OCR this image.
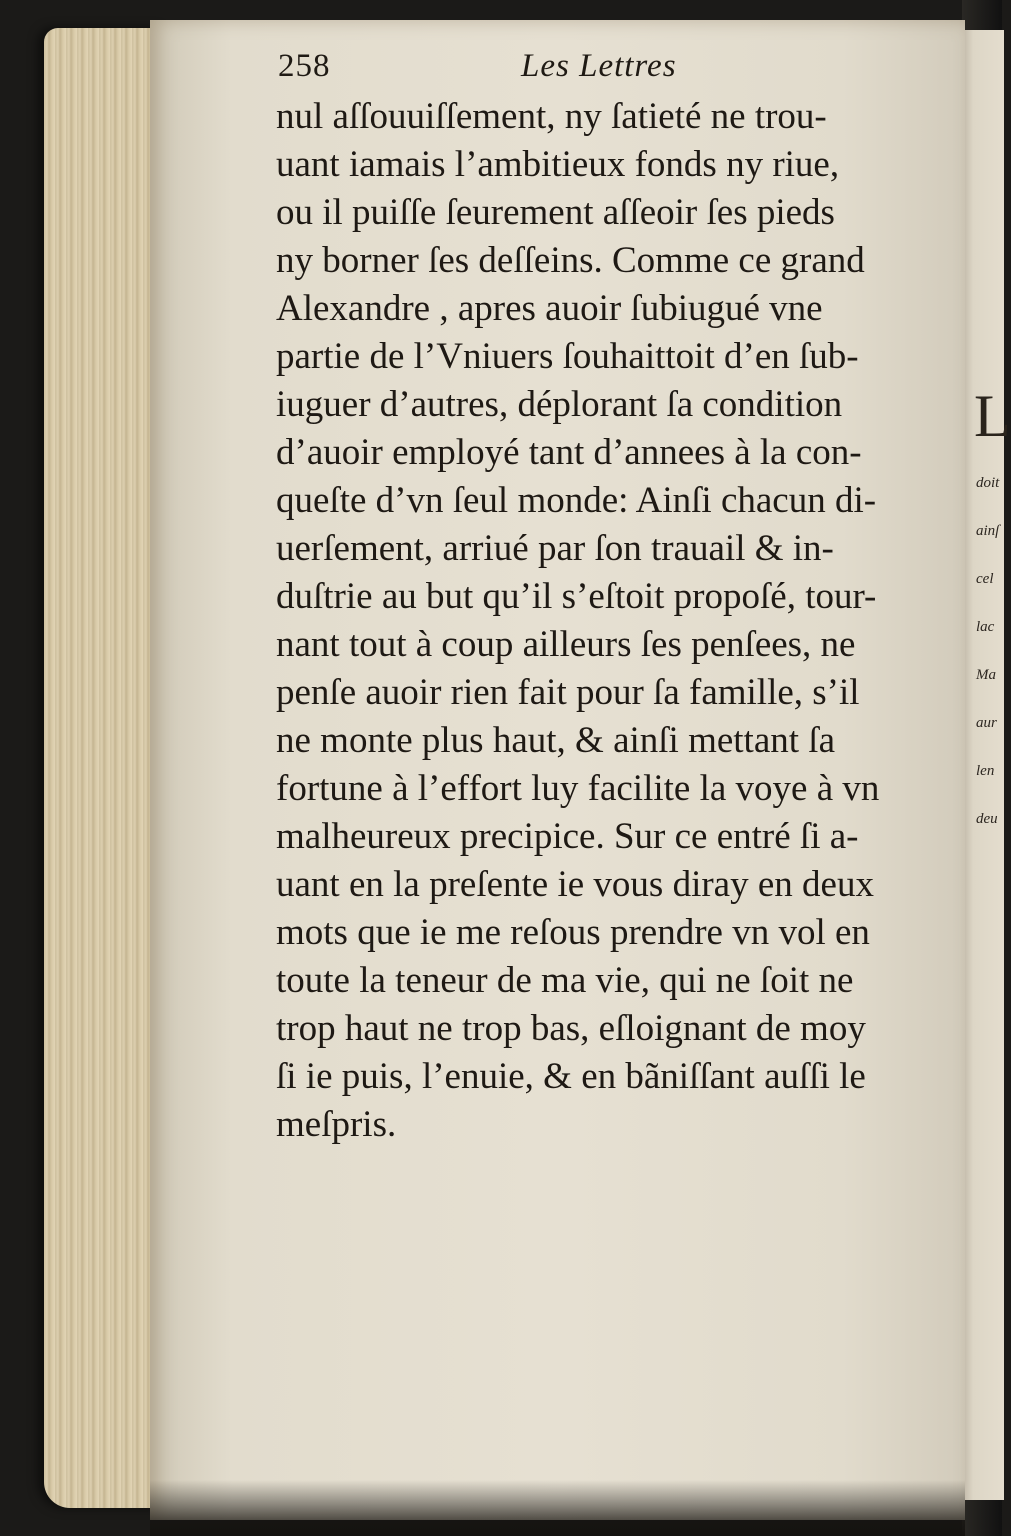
L
doit
ainſ
cel
lac
Ma
aur
len
deu
258	Les Lettres
nul aſſouuiſſement, ny ſatieté ne trou-
uant iamais l’ambitieux fonds ny riue,
ou il puiſſe ſeurement aſſeoir ſes pieds
ny borner ſes deſſeins. Comme ce grand
Alexandre , apres auoir ſubiugué vne
partie de l’Vniuers ſouhaittoit d’en ſub-
iuguer d’autres, déplorant ſa condition
d’auoir employé tant d’annees à la con-
queſte d’vn ſeul monde: Ainſi chacun di-
uerſement, arriué par ſon trauail & in-
duſtrie au but qu’il s’eſtoit propoſé, tour-
nant tout à coup ailleurs ſes penſees, ne
penſe auoir rien fait pour ſa famille, s’il
ne monte plus haut, & ainſi mettant ſa
fortune à l’effort luy facilite la voye à vn
malheureux precipice. Sur ce entré ſi a-
uant en la preſente ie vous diray en deux
mots que ie me reſous prendre vn vol en
toute la teneur de ma vie, qui ne ſoit ne
trop haut ne trop bas, eſloignant de moy
ſi ie puis, l’enuie, & en bãniſſant auſſi le
meſpris.
